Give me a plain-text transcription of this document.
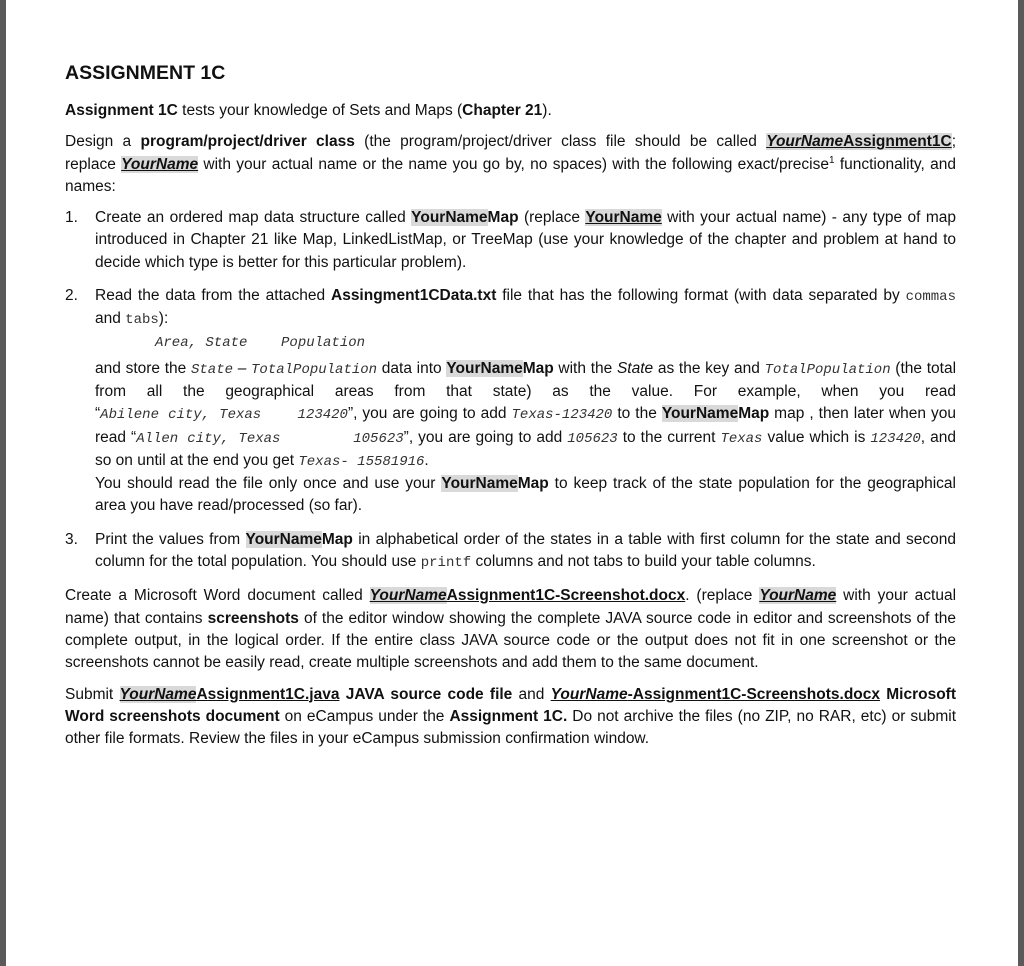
ASSIGNMENT 1C

Assignment 1C tests your knowledge of Sets and Maps (Chapter 21).

Design a program/project/driver class (the program/project/driver class file should be called YourNameAssignment1C; replace YourName with your actual name or the name you go by, no spaces) with the following exact/precise$^1$ functionality, and names:

1. Create an ordered map data structure called YourNameMap (replace YourName with your actual name) - any type of map introduced in Chapter 21 like Map, LinkedListMap, or TreeMap (use your knowledge of the chapter and problem at hand to decide which type is better for this particular problem).
2. Read the data from the attached Assingment1CData.txt file that has the following format (with data separated by commas and tabs):
Area, State    Population
and store the State – TotalPopulation data into YourNameMap with the State as the key and TotalPopulation (the total from all the geographical areas from that state) as the value. For example, when you read “Abilene city, Texas    123420”, you are going to add Texas-123420 to the YourNameMap map , then later when you read “Allen city, Texas        105623”, you are going to add 105623 to the current Texas value which is 123420, and so on until at the end you get Texas- 15581916.
You should read the file only once and use your YourNameMap to keep track of the state population for the geographical area you have read/processed (so far).
3. Print the values from YourNameMap in alphabetical order of the states in a table with first column for the state and second column for the total population. You should use printf columns and not tabs to build your table columns.

Create a Microsoft Word document called YourNameAssignment1C-Screenshot.docx. (replace YourName with your actual name) that contains screenshots of the editor window showing the complete JAVA source code in editor and screenshots of the complete output, in the logical order. If the entire class JAVA source code or the output does not fit in one screenshot or the screenshots cannot be easily read, create multiple screenshots and add them to the same document.

Submit YourNameAssignment1C.java JAVA source code file and YourName-Assignment1C-Screenshots.docx Microsoft Word screenshots document on eCampus under the Assignment 1C. Do not archive the files (no ZIP, no RAR, etc) or submit other file formats. Review the files in your eCampus submission confirmation window.
